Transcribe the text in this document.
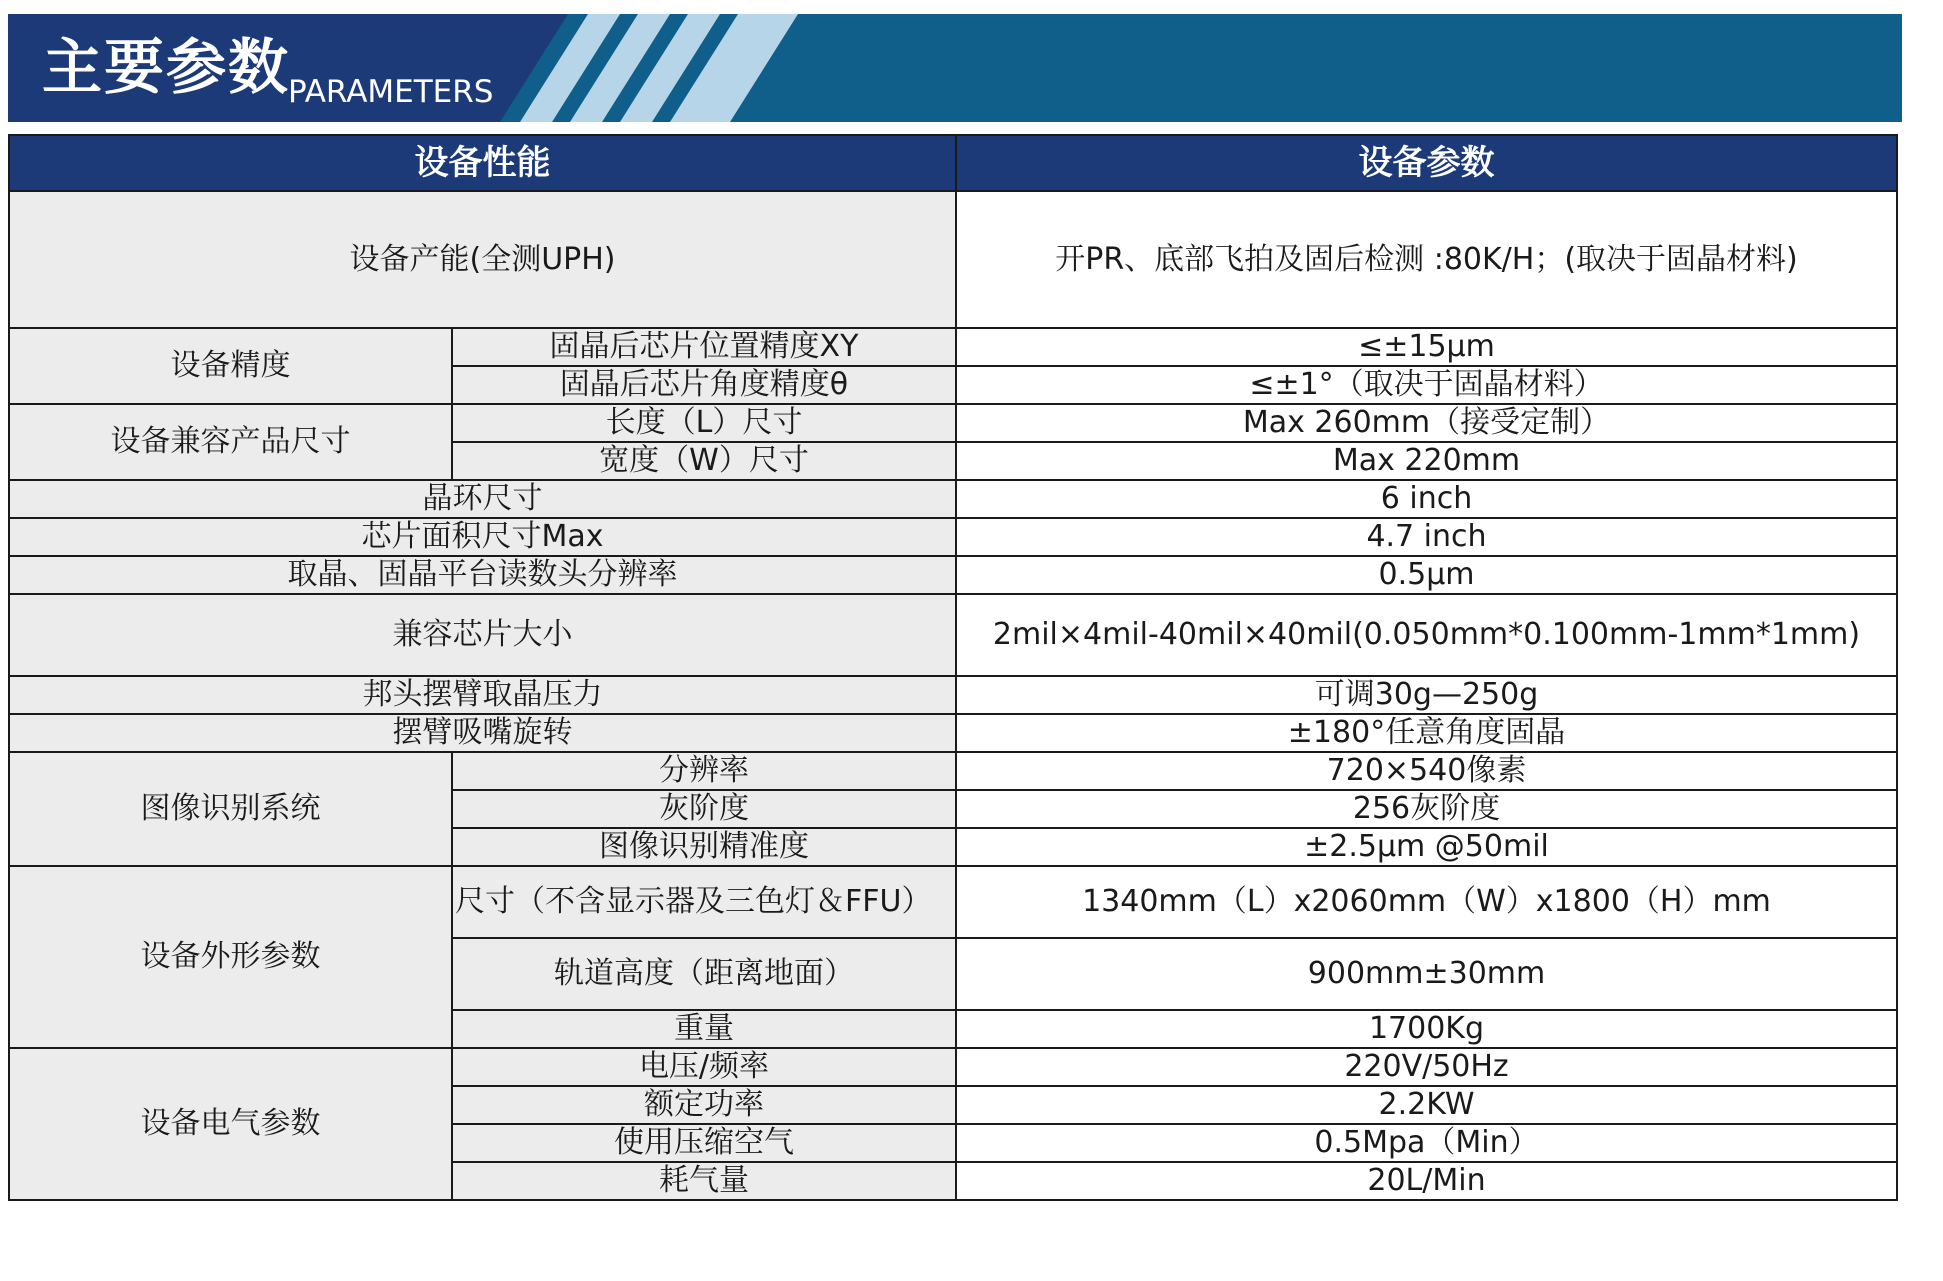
主要参数
PARAMETERS
设备性能		设备参数
设备产能(全测UPH)		开PR、底部飞拍及固后检测 :80K/H；(取决于固晶材料)
设备精度	固晶后芯片位置精度XY	≤±15μm
	固晶后芯片角度精度θ	≤±1°（取决于固晶材料）
设备兼容产品尺寸	长度（L）尺寸	Max 260mm（接受定制）
	宽度（W）尺寸	Max 220mm
晶环尺寸		6 inch
芯片面积尺寸Max		4.7 inch
取晶、固晶平台读数头分辨率		0.5μm
兼容芯片大小		2mil×4mil-40mil×40mil(0.050mm*0.100mm-1mm*1mm)
邦头摆臂取晶压力		可调30g—250g
摆臂吸嘴旋转		±180°任意角度固晶
图像识别系统	分辨率	720×540像素
	灰阶度	256灰阶度
	图像识别精准度	±2.5μm @50mil
设备外形参数	尺寸（不含显示器及三色灯＆FFU）	1340mm（L）x2060mm（W）x1800（H）mm
	轨道高度（距离地面）	900mm±30mm
	重量	1700Kg
设备电气参数	电压/频率	220V/50Hz
	额定功率	2.2KW
	使用压缩空气	0.5Mpa（Min）
	耗气量	20L/Min
